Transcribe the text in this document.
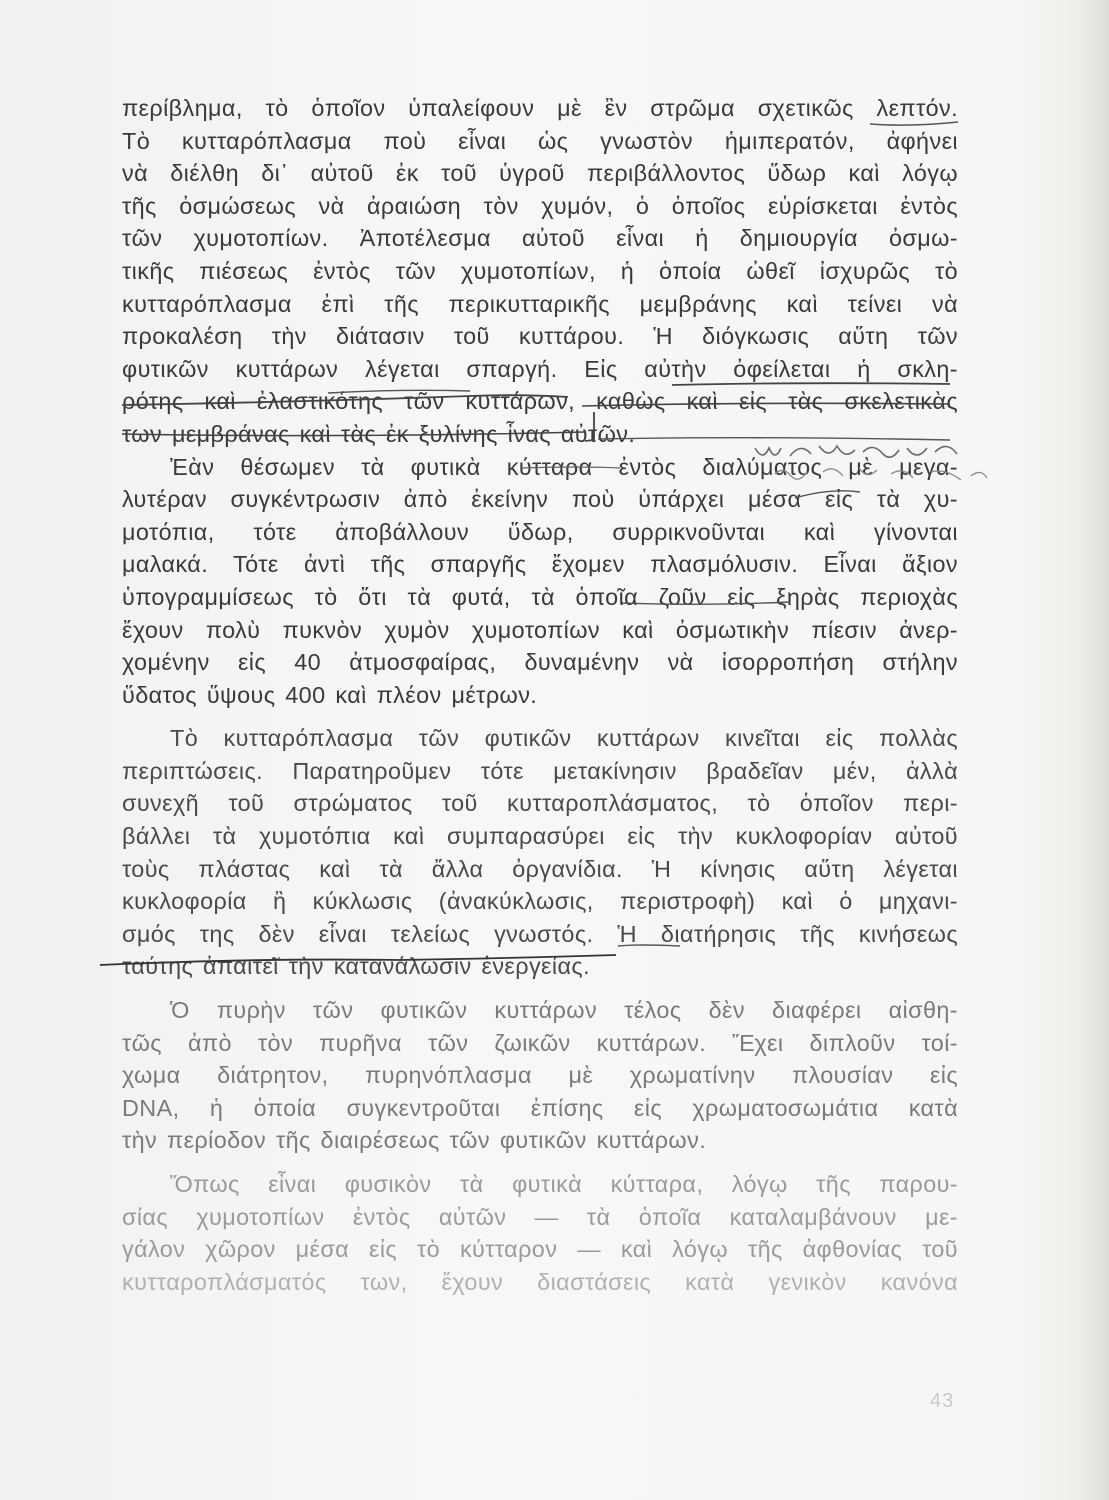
περίβλημα, τὸ ὁποῖον ὑπαλείφουν μὲ ἓν στρῶμα σχετικῶς λεπτόν.
Τὸ κυτταρόπλασμα ποὺ εἶναι ὡς γνωστὸν ἡμιπερατόν, ἀφήνει
νὰ διέλθη δι᾽ αὐτοῦ ἐκ τοῦ ὑγροῦ περιβάλλοντος ὕδωρ καὶ λόγῳ
τῆς ὀσμώσεως νὰ ἀραιώση τὸν χυμόν, ὁ ὁποῖος εὑρίσκεται ἐντὸς
τῶν χυμοτοπίων. Ἀποτέλεσμα αὐτοῦ εἶναι ἡ δημιουργία ὀσμω-
τικῆς πιέσεως ἐντὸς τῶν χυμοτοπίων, ἡ ὁποία ὠθεῖ ἰσχυρῶς τὸ
κυτταρόπλασμα ἐπὶ τῆς περικυτταρικῆς μεμβράνης καὶ τείνει νὰ
προκαλέση τὴν διάτασιν τοῦ κυττάρου. Ἡ διόγκωσις αὕτη τῶν
φυτικῶν κυττάρων λέγεται σπαργή. Εἰς αὐτὴν ὀφείλεται ἡ σκλη-
ρότης καὶ ἐλαστικότης τῶν κυττάρων, καθὼς καὶ εἰς τὰς σκελετικὰς
των μεμβράνας καὶ τὰς ἐκ ξυλίνης ἶνας αὐτῶν.
Ἐὰν θέσωμεν τὰ φυτικὰ κύτταρα ἐντὸς διαλύματος μὲ μεγα-
λυτέραν συγκέντρωσιν ἀπὸ ἐκείνην ποὺ ὑπάρχει μέσα εἰς τὰ χυ-
μοτόπια, τότε ἀποβάλλουν ὕδωρ, συρρικνοῦνται καὶ γίνονται
μαλακά. Τότε ἀντὶ τῆς σπαργῆς ἔχομεν πλασμόλυσιν. Εἶναι ἄξιον
ὑπογραμμίσεως τὸ ὅτι τὰ φυτά, τὰ ὁποῖα ζοῦν εἰς ξηρὰς περιοχὰς
ἔχουν πολὺ πυκνὸν χυμὸν χυμοτοπίων καὶ ὀσμωτικὴν πίεσιν ἀνερ-
χομένην εἰς 40 ἀτμοσφαίρας, δυναμένην νὰ ἰσορροπήση στήλην
ὕδατος ὕψους 400 καὶ πλέον μέτρων.
Τὸ κυτταρόπλασμα τῶν φυτικῶν κυττάρων κινεῖται εἰς πολλὰς
περιπτώσεις. Παρατηροῦμεν τότε μετακίνησιν βραδεῖαν μέν, ἀλλὰ
συνεχῆ τοῦ στρώματος τοῦ κυτταροπλάσματος, τὸ ὁποῖον περι-
βάλλει τὰ χυμοτόπια καὶ συμπαρασύρει εἰς τὴν κυκλοφορίαν αὐτοῦ
τοὺς πλάστας καὶ τὰ ἄλλα ὀργανίδια. Ἡ κίνησις αὕτη λέγεται
κυκλοφορία ἢ κύκλωσις (ἀνακύκλωσις, περιστροφὴ) καὶ ὁ μηχανι-
σμός της δὲν εἶναι τελείως γνωστός. Ἡ διατήρησις τῆς κινήσεως
ταύτης ἀπαιτεῖ τὴν κατανάλωσιν ἐνεργείας.
Ὁ πυρὴν τῶν φυτικῶν κυττάρων τέλος δὲν διαφέρει αἰσθη-
τῶς ἀπὸ τὸν πυρῆνα τῶν ζωικῶν κυττάρων. Ἔχει διπλοῦν τοί-
χωμα διάτρητον, πυρηνόπλασμα μὲ χρωματίνην πλουσίαν εἰς
DNA, ἡ ὁποία συγκεντροῦται ἐπίσης εἰς χρωματοσωμάτια κατὰ
τὴν περίοδον τῆς διαιρέσεως τῶν φυτικῶν κυττάρων.
Ὅπως εἶναι φυσικὸν τὰ φυτικὰ κύτταρα, λόγῳ τῆς παρου-
σίας χυμοτοπίων ἐντὸς αὐτῶν — τὰ ὁποῖα καταλαμβάνουν με-
γάλον χῶρον μέσα εἰς τὸ κύτταρον — καὶ λόγῳ τῆς ἀφθονίας τοῦ
κυτταροπλάσματός των, ἔχουν διαστάσεις κατὰ γενικὸν κανόνα
43
